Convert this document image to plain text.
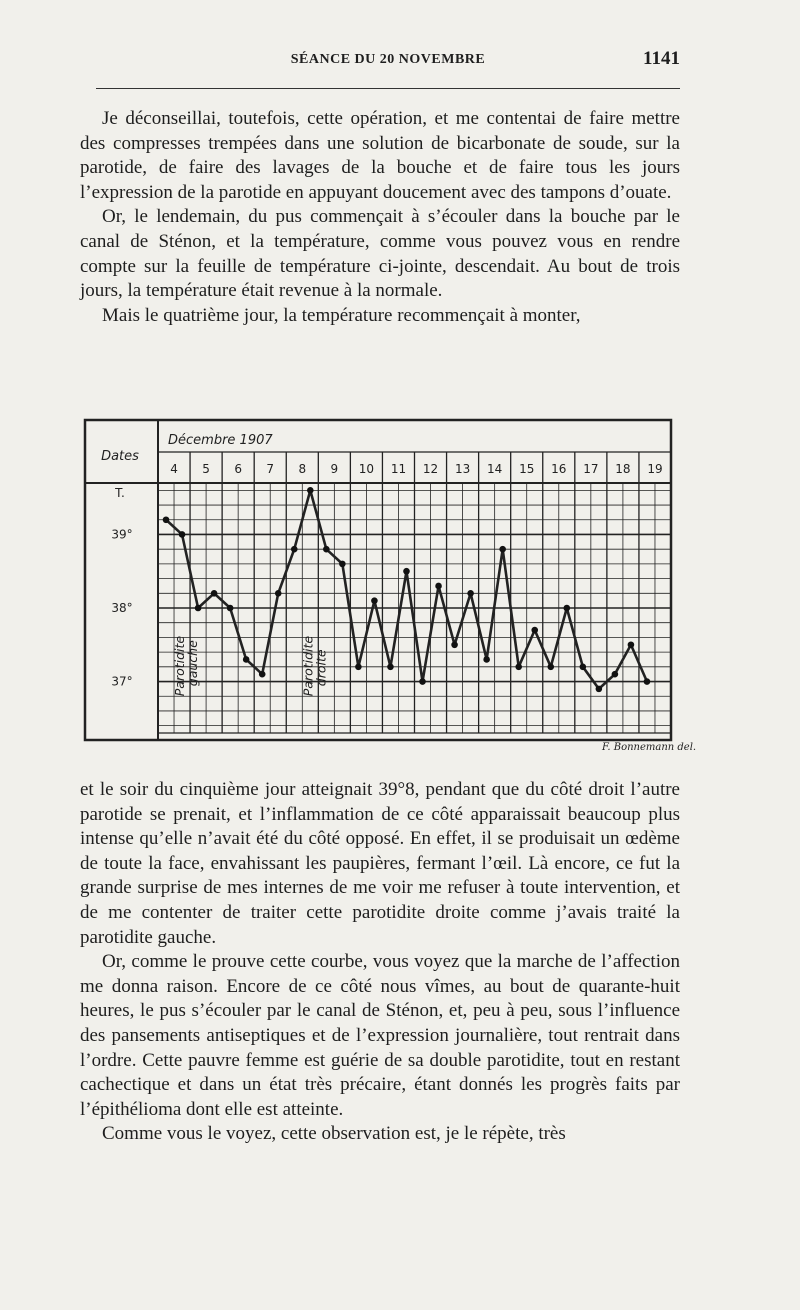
SÉANCE DU 20 NOVEMBRE	1141

Je déconseillai, toutefois, cette opération, et me contentai de faire mettre des compresses trempées dans une solution de bicarbonate de soude, sur la parotide, de faire des lavages de la bouche et de faire tous les jours l’expression de la parotide en appuyant doucement avec des tampons d’ouate.

Or, le lendemain, du pus commençait à s’écouler dans la bouche par le canal de Sténon, et la température, comme vous pouvez vous en rendre compte sur la feuille de température ci-jointe, descendait. Au bout de trois jours, la température était revenue à la normale.

Mais le quatrième jour, la température recommençait à monter,

Dates
Décembre 1907
T.
4 5 6 7 8 9 10 11 12 13 14 15 16 17 18 19
39°
38°
37°	Parotiditegauche	Parotiditedroite
F. Bonnemann del.

et le soir du cinquième jour atteignait 39°8, pendant que du côté droit l’autre parotide se prenait, et l’inflammation de ce côté apparaissait beaucoup plus intense qu’elle n’avait été du côté opposé. En effet, il se produisait un œdème de toute la face, envahissant les paupières, fermant l’œil. Là encore, ce fut la grande surprise de mes internes de me voir me refuser à toute intervention, et de me contenter de traiter cette parotidite droite comme j’avais traité la parotidite gauche.

Or, comme le prouve cette courbe, vous voyez que la marche de l’affection me donna raison. Encore de ce côté nous vîmes, au bout de quarante-huit heures, le pus s’écouler par le canal de Sténon, et, peu à peu, sous l’influence des pansements antiseptiques et de l’expression journalière, tout rentrait dans l’ordre. Cette pauvre femme est guérie de sa double parotidite, tout en restant cachectique et dans un état très précaire, étant donnés les progrès faits par l’épithélioma dont elle est atteinte.

Comme vous le voyez, cette observation est, je le répète, très
